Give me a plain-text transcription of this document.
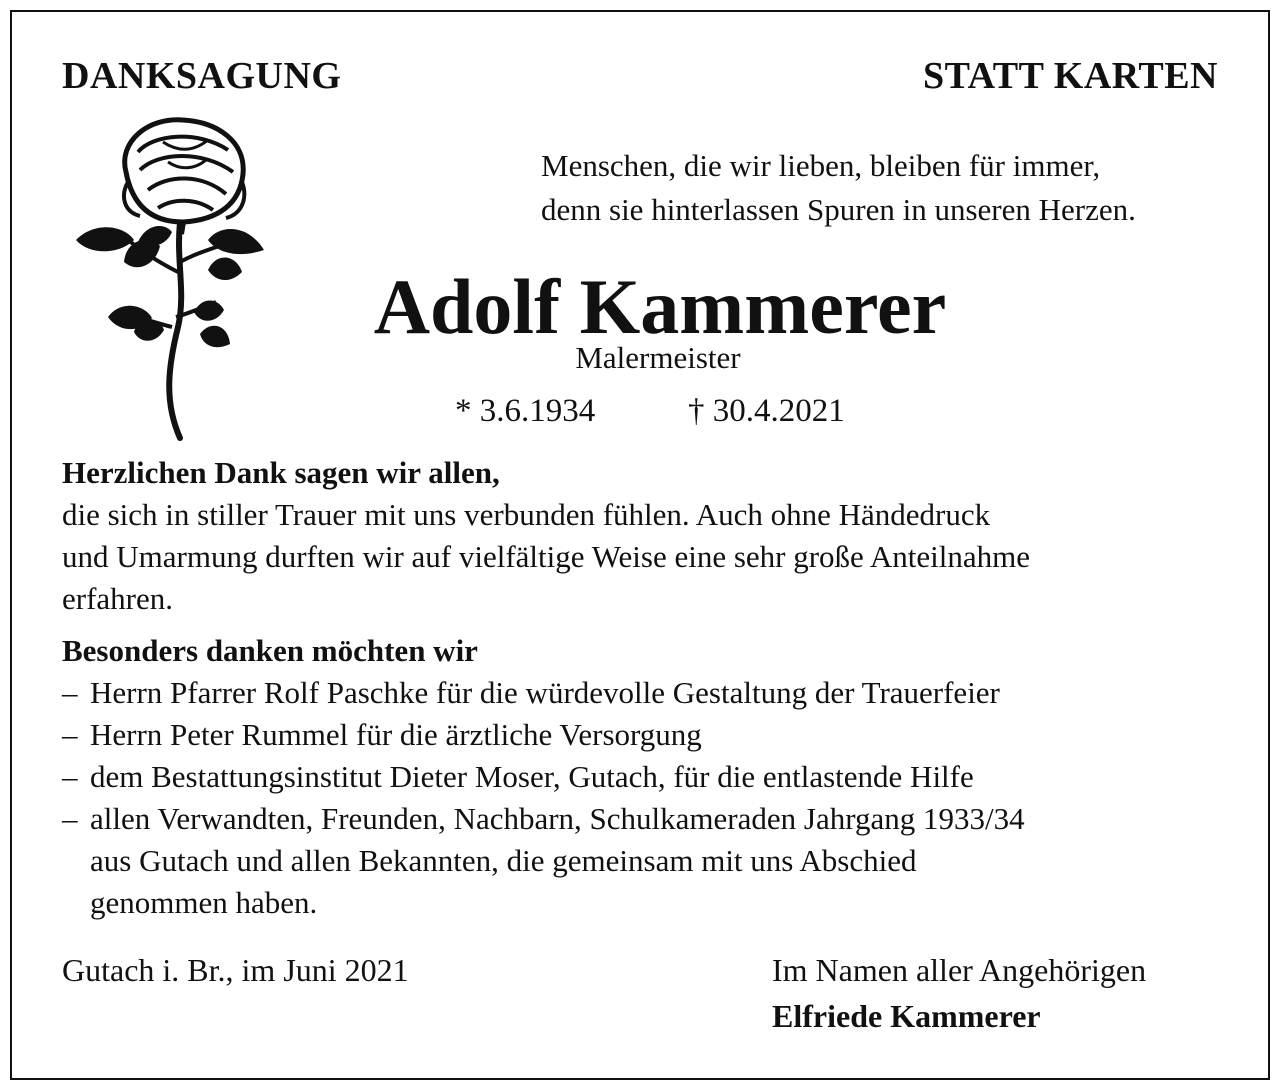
DANKSAGUNG	STATT KARTEN
Menschen, die wir lieben, bleiben für immer,
denn sie hinterlassen Spuren in unseren Herzen.
Adolf Kammerer
Malermeister
* 3.6.1934	† 30.4.2021
Herzlichen Dank sagen wir allen,
die sich in stiller Trauer mit uns verbunden fühlen. Auch ohne Händedruck
und Umarmung durften wir auf vielfältige Weise eine sehr große Anteilnahme
erfahren.
Besonders danken möchten wir
– Herrn Pfarrer Rolf Paschke für die würdevolle Gestaltung der Trauerfeier
– Herrn Peter Rummel für die ärztliche Versorgung
– dem Bestattungsinstitut Dieter Moser, Gutach, für die entlastende Hilfe
– allen Verwandten, Freunden, Nachbarn, Schulkameraden Jahrgang 1933/34
aus Gutach und allen Bekannten, die gemeinsam mit uns Abschied
genommen haben.
Gutach i. Br., im Juni 2021	Im Namen aller Angehörigen
Elfriede Kammerer
